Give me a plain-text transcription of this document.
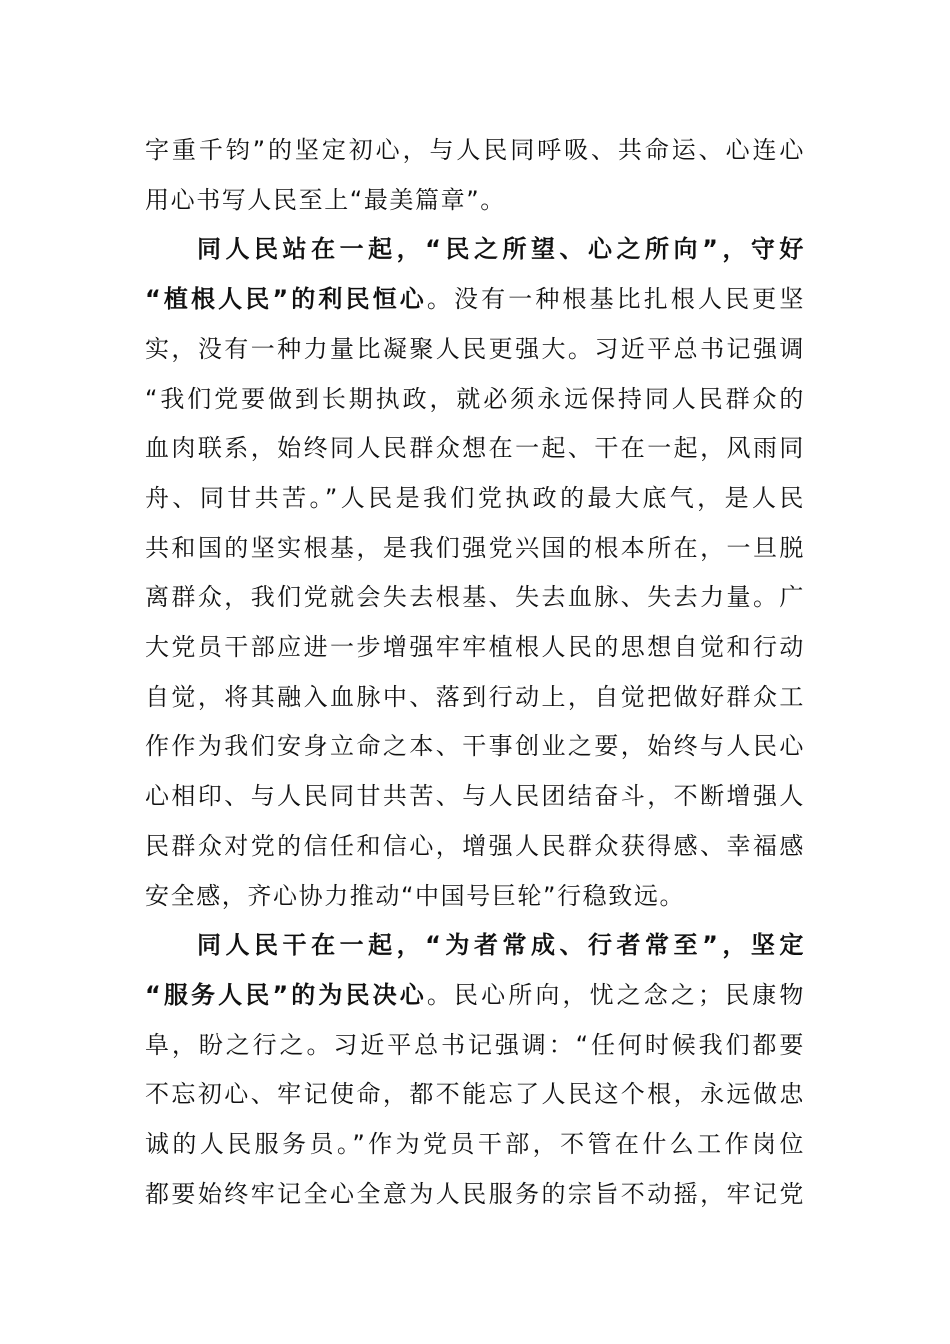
字重千钧”的坚定初心，与人民同呼吸、共命运、心连心
用心书写人民至上“最美篇章”。
同人民站在一起，“民之所望、心之所向”，守好
“植根人民”的利民恒心。没有一种根基比扎根人民更坚
实，没有一种力量比凝聚人民更强大。习近平总书记强调
“我们党要做到长期执政，就必须永远保持同人民群众的
血肉联系，始终同人民群众想在一起、干在一起，风雨同
舟、同甘共苦。”人民是我们党执政的最大底气，是人民
共和国的坚实根基，是我们强党兴国的根本所在，一旦脱
离群众，我们党就会失去根基、失去血脉、失去力量。广
大党员干部应进一步增强牢牢植根人民的思想自觉和行动
自觉，将其融入血脉中、落到行动上，自觉把做好群众工
作作为我们安身立命之本、干事创业之要，始终与人民心
心相印、与人民同甘共苦、与人民团结奋斗，不断增强人
民群众对党的信任和信心，增强人民群众获得感、幸福感
安全感，齐心协力推动“中国号巨轮”行稳致远。
同人民干在一起，“为者常成、行者常至”，坚定
“服务人民”的为民决心。民心所向，忧之念之；民康物
阜，盼之行之。习近平总书记强调：“任何时候我们都要
不忘初心、牢记使命，都不能忘了人民这个根，永远做忠
诚的人民服务员。”作为党员干部，不管在什么工作岗位
都要始终牢记全心全意为人民服务的宗旨不动摇，牢记党
